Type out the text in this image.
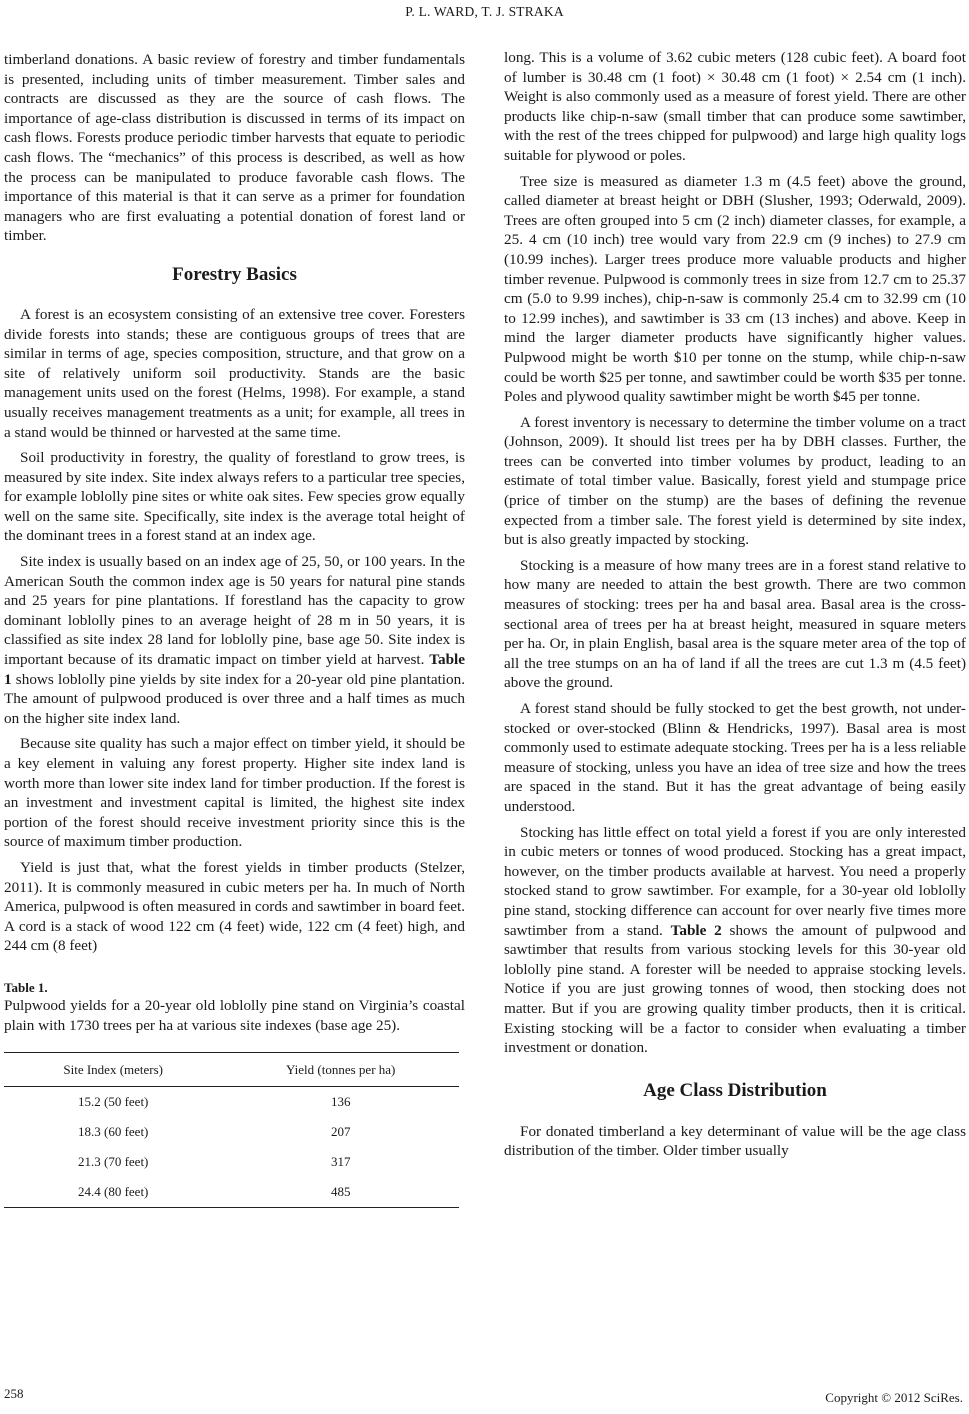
P. L. WARD, T. J. STRAKA

timberland donations. A basic review of forestry and timber fundamentals is presented, including units of timber measurement. Timber sales and contracts are discussed as they are the source of cash flows. The importance of age-class distribution is discussed in terms of its impact on cash flows. Forests produce periodic timber harvests that equate to periodic cash flows. The “mechanics” of this process is described, as well as how the process can be manipulated to produce favorable cash flows. The importance of this material is that it can serve as a primer for foundation managers who are first evaluating a potential donation of forest land or timber.

Forestry Basics

A forest is an ecosystem consisting of an extensive tree cover. Foresters divide forests into stands; these are contiguous groups of trees that are similar in terms of age, species composition, structure, and that grow on a site of relatively uniform soil productivity. Stands are the basic management units used on the forest (Helms, 1998). For example, a stand usually receives management treatments as a unit; for example, all trees in a stand would be thinned or harvested at the same time.

Soil productivity in forestry, the quality of forestland to grow trees, is measured by site index. Site index always refers to a particular tree species, for example loblolly pine sites or white oak sites. Few species grow equally well on the same site. Specifically, site index is the average total height of the dominant trees in a forest stand at an index age.

Site index is usually based on an index age of 25, 50, or 100 years. In the American South the common index age is 50 years for natural pine stands and 25 years for pine plantations. If forestland has the capacity to grow dominant loblolly pines to an average height of 28 m in 50 years, it is classified as site index 28 land for loblolly pine, base age 50. Site index is important because of its dramatic impact on timber yield at harvest. Table 1 shows loblolly pine yields by site index for a 20-year old pine plantation. The amount of pulpwood produced is over three and a half times as much on the higher site index land.

Because site quality has such a major effect on timber yield, it should be a key element in valuing any forest property. Higher site index land is worth more than lower site index land for timber production. If the forest is an investment and investment capital is limited, the highest site index portion of the forest should receive investment priority since this is the source of maximum timber production.

Yield is just that, what the forest yields in timber products (Stelzer, 2011). It is commonly measured in cubic meters per ha. In much of North America, pulpwood is often measured in cords and sawtimber in board feet. A cord is a stack of wood 122 cm (4 feet) wide, 122 cm (4 feet) high, and 244 cm (8 feet)

Table 1.

Pulpwood yields for a 20-year old loblolly pine stand on Virginia’s coastal plain with 1730 trees per ha at various site indexes (base age 25).

Site Index (meters)	Yield (tonnes per ha)
15.2 (50 feet)	136
18.3 (60 feet)	207
21.3 (70 feet)	317
24.4 (80 feet)	485

long. This is a volume of 3.62 cubic meters (128 cubic feet). A board foot of lumber is 30.48 cm (1 foot) × 30.48 cm (1 foot) × 2.54 cm (1 inch). Weight is also commonly used as a measure of forest yield. There are other products like chip-n-saw (small timber that can produce some sawtimber, with the rest of the trees chipped for pulpwood) and large high quality logs suitable for plywood or poles.

Tree size is measured as diameter 1.3 m (4.5 feet) above the ground, called diameter at breast height or DBH (Slusher, 1993; Oderwald, 2009). Trees are often grouped into 5 cm (2 inch) diameter classes, for example, a 25. 4 cm (10 inch) tree would vary from 22.9 cm (9 inches) to 27.9 cm (10.99 inches). Larger trees produce more valuable products and higher timber revenue. Pulpwood is commonly trees in size from 12.7 cm to 25.37 cm (5.0 to 9.99 inches), chip-n-saw is commonly 25.4 cm to 32.99 cm (10 to 12.99 inches), and sawtimber is 33 cm (13 inches) and above. Keep in mind the larger diameter products have significantly higher values. Pulpwood might be worth $10 per tonne on the stump, while chip-n-saw could be worth $25 per tonne, and sawtimber could be worth $35 per tonne. Poles and plywood quality sawtimber might be worth $45 per tonne.

A forest inventory is necessary to determine the timber volume on a tract (Johnson, 2009). It should list trees per ha by DBH classes. Further, the trees can be converted into timber volumes by product, leading to an estimate of total timber value. Basically, forest yield and stumpage price (price of timber on the stump) are the bases of defining the revenue expected from a timber sale. The forest yield is determined by site index, but is also greatly impacted by stocking.

Stocking is a measure of how many trees are in a forest stand relative to how many are needed to attain the best growth. There are two common measures of stocking: trees per ha and basal area. Basal area is the cross-sectional area of trees per ha at breast height, measured in square meters per ha. Or, in plain English, basal area is the square meter area of the top of all the tree stumps on an ha of land if all the trees are cut 1.3 m (4.5 feet) above the ground.

A forest stand should be fully stocked to get the best growth, not under-stocked or over-stocked (Blinn & Hendricks, 1997). Basal area is most commonly used to estimate adequate stocking. Trees per ha is a less reliable measure of stocking, unless you have an idea of tree size and how the trees are spaced in the stand. But it has the great advantage of being easily understood.

Stocking has little effect on total yield a forest if you are only interested in cubic meters or tonnes of wood produced. Stocking has a great impact, however, on the timber products available at harvest. You need a properly stocked stand to grow sawtimber. For example, for a 30-year old loblolly pine stand, stocking difference can account for over nearly five times more sawtimber from a stand. Table 2 shows the amount of pulpwood and sawtimber that results from various stocking levels for this 30-year old loblolly pine stand. A forester will be needed to appraise stocking levels. Notice if you are just growing tonnes of wood, then stocking does not matter. But if you are growing quality timber products, then it is critical. Existing stocking will be a factor to consider when evaluating a timber investment or donation.

Age Class Distribution

For donated timberland a key determinant of value will be the age class distribution of the timber. Older timber usually

258	Copyright © 2012 SciRes.
